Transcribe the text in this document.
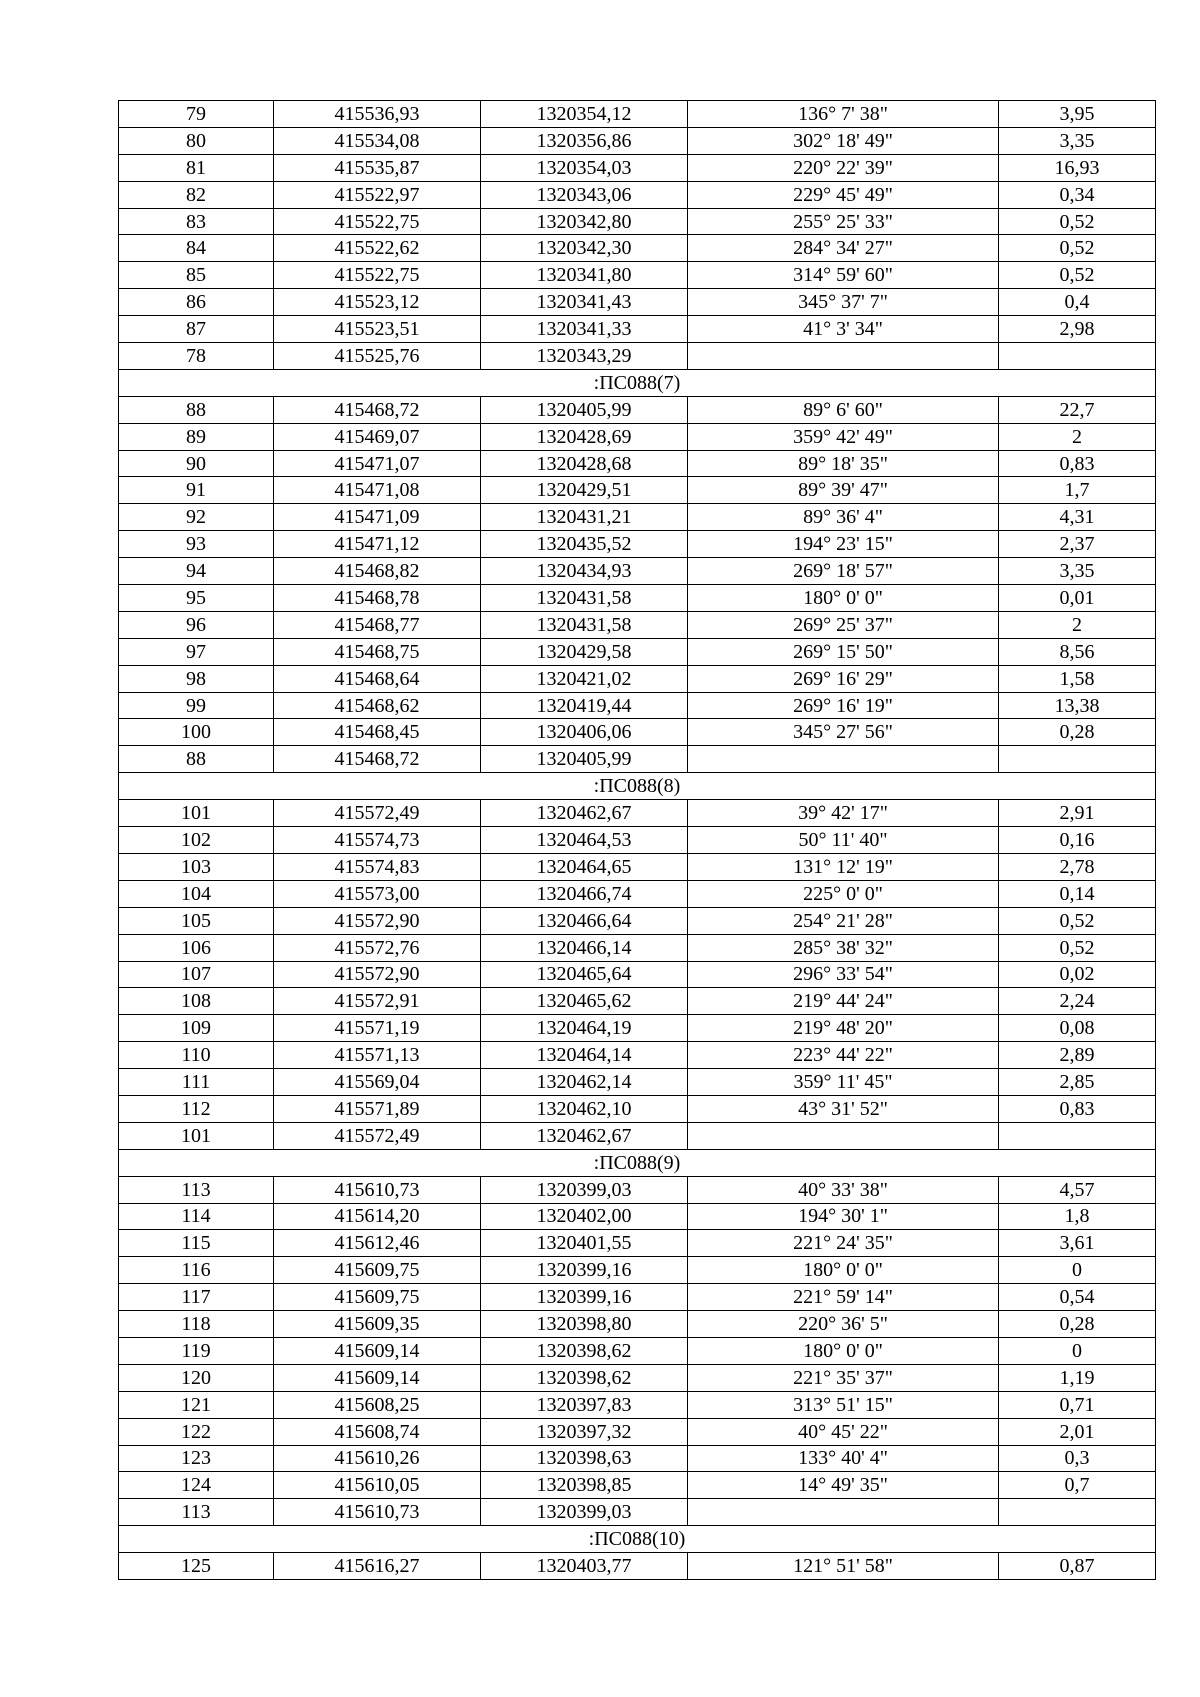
79	415536,93	1320354,12	136° 7' 38"	3,95
80	415534,08	1320356,86	302° 18' 49"	3,35
81	415535,87	1320354,03	220° 22' 39"	16,93
82	415522,97	1320343,06	229° 45' 49"	0,34
83	415522,75	1320342,80	255° 25' 33"	0,52
84	415522,62	1320342,30	284° 34' 27"	0,52
85	415522,75	1320341,80	314° 59' 60"	0,52
86	415523,12	1320341,43	345° 37' 7"	0,4
87	415523,51	1320341,33	41° 3' 34"	2,98
78	415525,76	1320343,29		
:ПС088(7)				
88	415468,72	1320405,99	89° 6' 60"	22,7
89	415469,07	1320428,69	359° 42' 49"	2
90	415471,07	1320428,68	89° 18' 35"	0,83
91	415471,08	1320429,51	89° 39' 47"	1,7
92	415471,09	1320431,21	89° 36' 4"	4,31
93	415471,12	1320435,52	194° 23' 15"	2,37
94	415468,82	1320434,93	269° 18' 57"	3,35
95	415468,78	1320431,58	180° 0' 0"	0,01
96	415468,77	1320431,58	269° 25' 37"	2
97	415468,75	1320429,58	269° 15' 50"	8,56
98	415468,64	1320421,02	269° 16' 29"	1,58
99	415468,62	1320419,44	269° 16' 19"	13,38
100	415468,45	1320406,06	345° 27' 56"	0,28
88	415468,72	1320405,99		
:ПС088(8)				
101	415572,49	1320462,67	39° 42' 17"	2,91
102	415574,73	1320464,53	50° 11' 40"	0,16
103	415574,83	1320464,65	131° 12' 19"	2,78
104	415573,00	1320466,74	225° 0' 0"	0,14
105	415572,90	1320466,64	254° 21' 28"	0,52
106	415572,76	1320466,14	285° 38' 32"	0,52
107	415572,90	1320465,64	296° 33' 54"	0,02
108	415572,91	1320465,62	219° 44' 24"	2,24
109	415571,19	1320464,19	219° 48' 20"	0,08
110	415571,13	1320464,14	223° 44' 22"	2,89
111	415569,04	1320462,14	359° 11' 45"	2,85
112	415571,89	1320462,10	43° 31' 52"	0,83
101	415572,49	1320462,67		
:ПС088(9)				
113	415610,73	1320399,03	40° 33' 38"	4,57
114	415614,20	1320402,00	194° 30' 1"	1,8
115	415612,46	1320401,55	221° 24' 35"	3,61
116	415609,75	1320399,16	180° 0' 0"	0
117	415609,75	1320399,16	221° 59' 14"	0,54
118	415609,35	1320398,80	220° 36' 5"	0,28
119	415609,14	1320398,62	180° 0' 0"	0
120	415609,14	1320398,62	221° 35' 37"	1,19
121	415608,25	1320397,83	313° 51' 15"	0,71
122	415608,74	1320397,32	40° 45' 22"	2,01
123	415610,26	1320398,63	133° 40' 4"	0,3
124	415610,05	1320398,85	14° 49' 35"	0,7
113	415610,73	1320399,03		
:ПС088(10)				
125	415616,27	1320403,77	121° 51' 58"	0,87
